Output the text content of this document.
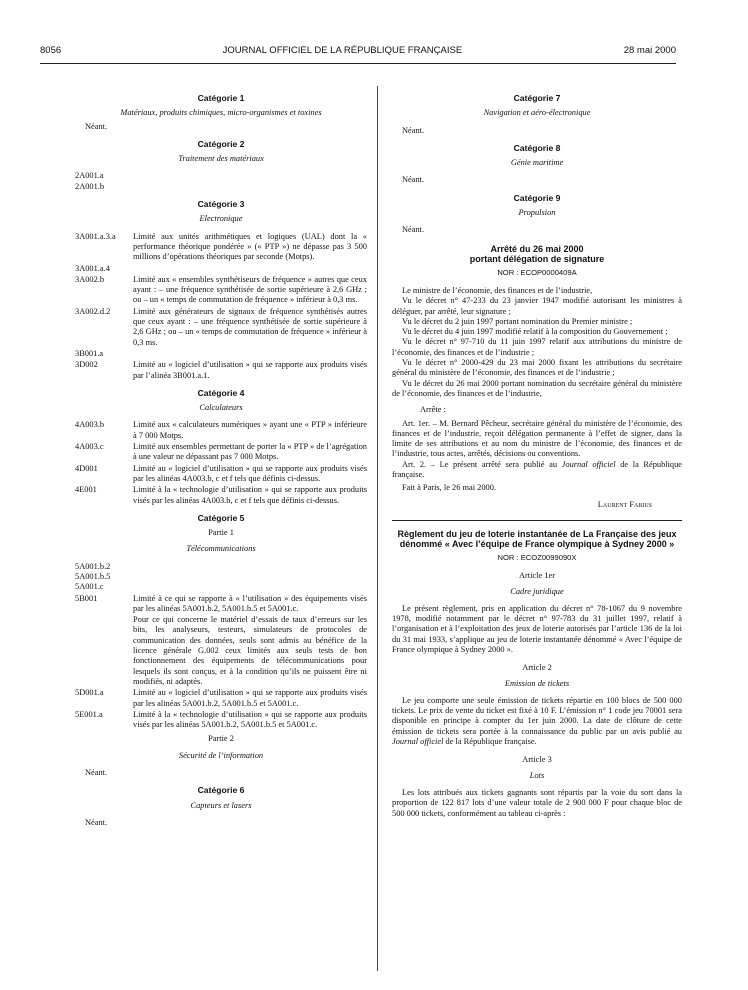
8056	JOURNAL OFFICIEL DE LA RÉPUBLIQUE FRANÇAISE	28 mai 2000
Catégorie 1
Matériaux, produits chimiques, micro-organismes et toxines
Néant.
Catégorie 2
Traitement des matériaux
2A001.a
2A001.b
Catégorie 3
Electronique
3A001.a.3.a	Limité aux unités arithmétiques et logiques (UAL) dont la « performance théorique pondérée » (« PTP ») ne dépasse pas 3 500 millions d’opérations théoriques par seconde (Motps).
3A001.a.4
3A002.b	Limité aux « ensembles synthétiseurs de fréquence » autres que ceux ayant : – une fréquence synthétisée de sortie supérieure à 2,6 GHz ; ou – un « temps de commutation de fréquence » inférieur à 0,3 ms.
3A002.d.2	Limité aux générateurs de signaux de fréquence synthétisés autres que ceux ayant : – une fréquence synthétisée de sortie supérieure à 2,6 GHz ; ou – un « temps de commutation de fréquence » inférieur à 0,3 ms.
3B001.a
3D002	Limité au « logiciel d’utilisation » qui se rapporte aux produits visés par l’alinéa 3B001.a.1.
Catégorie 4
Calculateurs
4A003.b	Limité aux « calculateurs numériques » ayant une « PTP » inférieure à 7 000 Motps.
4A003.c	Limité aux ensembles permettant de porter la « PTP » de l’agrégation à une valeur ne dépassant pas 7 000 Motps.
4D001	Limité au « logiciel d’utilisation » qui se rapporte aux produits visés par les alinéas 4A003.b, c et f tels que définis ci-dessus.
4E001	Limité à la « technologie d’utilisation » qui se rapporte aux produits visés par les alinéas 4A003.b, c et f tels que définis ci-dessus.
Catégorie 5
Partie 1
Télécommunications
5A001.b.2
5A001.b.5
5A001.c
5B001	Limité à ce qui se rapporte à « l’utilisation » des équipements visés par les alinéas 5A001.b.2, 5A001.b.5 et 5A001.c.
Pour ce qui concerne le matériel d’essais de taux d’erreurs sur les bits, les analyseurs, testeurs, simulateurs de protocoles de communication des données, seuls sont admis au bénéfice de la licence générale G.002 ceux limités aux seuls tests de bon fonctionnement des équipements de télécommunications pour lesquels ils sont conçus, et à la condition qu’ils ne puissent être ni modifiés, ni adaptés.
5D001.a	Limité au « logiciel d’utilisation » qui se rapporte aux produits visés par les alinéas 5A001.b.2, 5A001.b.5 et 5A001.c.
5E001.a	Limité à la « technologie d’utilisation » qui se rapporte aux produits visés par les alinéas 5A001.b.2, 5A001.b.5 et 5A001.c.
Partie 2
Sécurité de l’information
Néant.
Catégorie 6
Capteurs et lasers
Néant.
Catégorie 7
Navigation et aéro-électronique
Néant.
Catégorie 8
Génie maritime
Néant.
Catégorie 9
Propulsion
Néant.
Arrêté du 26 mai 2000
portant délégation de signature
NOR : ECOP0000409A

Le ministre de l’économie, des finances et de l’industrie,

Vu le décret n° 47-233 du 23 janvier 1947 modifié autorisant les ministres à déléguer, par arrêté, leur signature ;

Vu le décret du 2 juin 1997 portant nomination du Premier ministre ;

Vu le décret du 4 juin 1997 modifié relatif à la composition du Gouvernement ;

Vu le décret n° 97-710 du 11 juin 1997 relatif aux attributions du ministre de l’économie, des finances et de l’industrie ;

Vu le décret n° 2000-429 du 23 mai 2000 fixant les attributions du secrétaire général du ministère de l’économie, des finances et de l’industrie ;

Vu le décret du 26 mai 2000 portant nomination du secrétaire général du ministère de l’économie, des finances et de l’industrie,

Arrête :

Art. 1er. – M. Bernard Pêcheur, secrétaire général du ministère de l’économie, des finances et de l’industrie, reçoit délégation permanente à l’effet de signer, dans la limite de ses attributions et au nom du ministre de l’économie, des finances et de l’industrie, tous actes, arrêtés, décisions ou conventions.

Art. 2. – Le présent arrêté sera publié au Journal officiel de la République française.

Fait à Paris, le 26 mai 2000.

Laurent Fabius
Règlement du jeu de loterie instantanée de La Française des jeux dénommé « Avec l’équipe de France olympique à Sydney 2000 »
NOR : ECOZ0099090X
Article 1er
Cadre juridique

Le présent règlement, pris en application du décret n° 78-1067 du 9 novembre 1978, modifié notamment par le décret n° 97-783 du 31 juillet 1997, relatif à l’organisation et à l’exploitation des jeux de loterie autorisés par l’article 136 de la loi du 31 mai 1933, s’applique au jeu de loterie instantanée dénommé « Avec l’équipe de France olympique à Sydney 2000 ».

Article 2
Emission de tickets

Le jeu comporte une seule émission de tickets répartie en 100 blocs de 500 000 tickets. Le prix de vente du ticket est fixé à 10 F. L’émission n° 1 code jeu 70001 sera disponible en principe à compter du 1er juin 2000. La date de clôture de cette émission de tickets sera portée à la connaissance du public par un avis publié au Journal officiel de la République française.

Article 3
Lots

Les lots attribués aux tickets gagnants sont répartis par la voie du sort dans la proportion de 122 817 lots d’une valeur totale de 2 900 000 F pour chaque bloc de 500 000 tickets, conformément au tableau ci-après :
